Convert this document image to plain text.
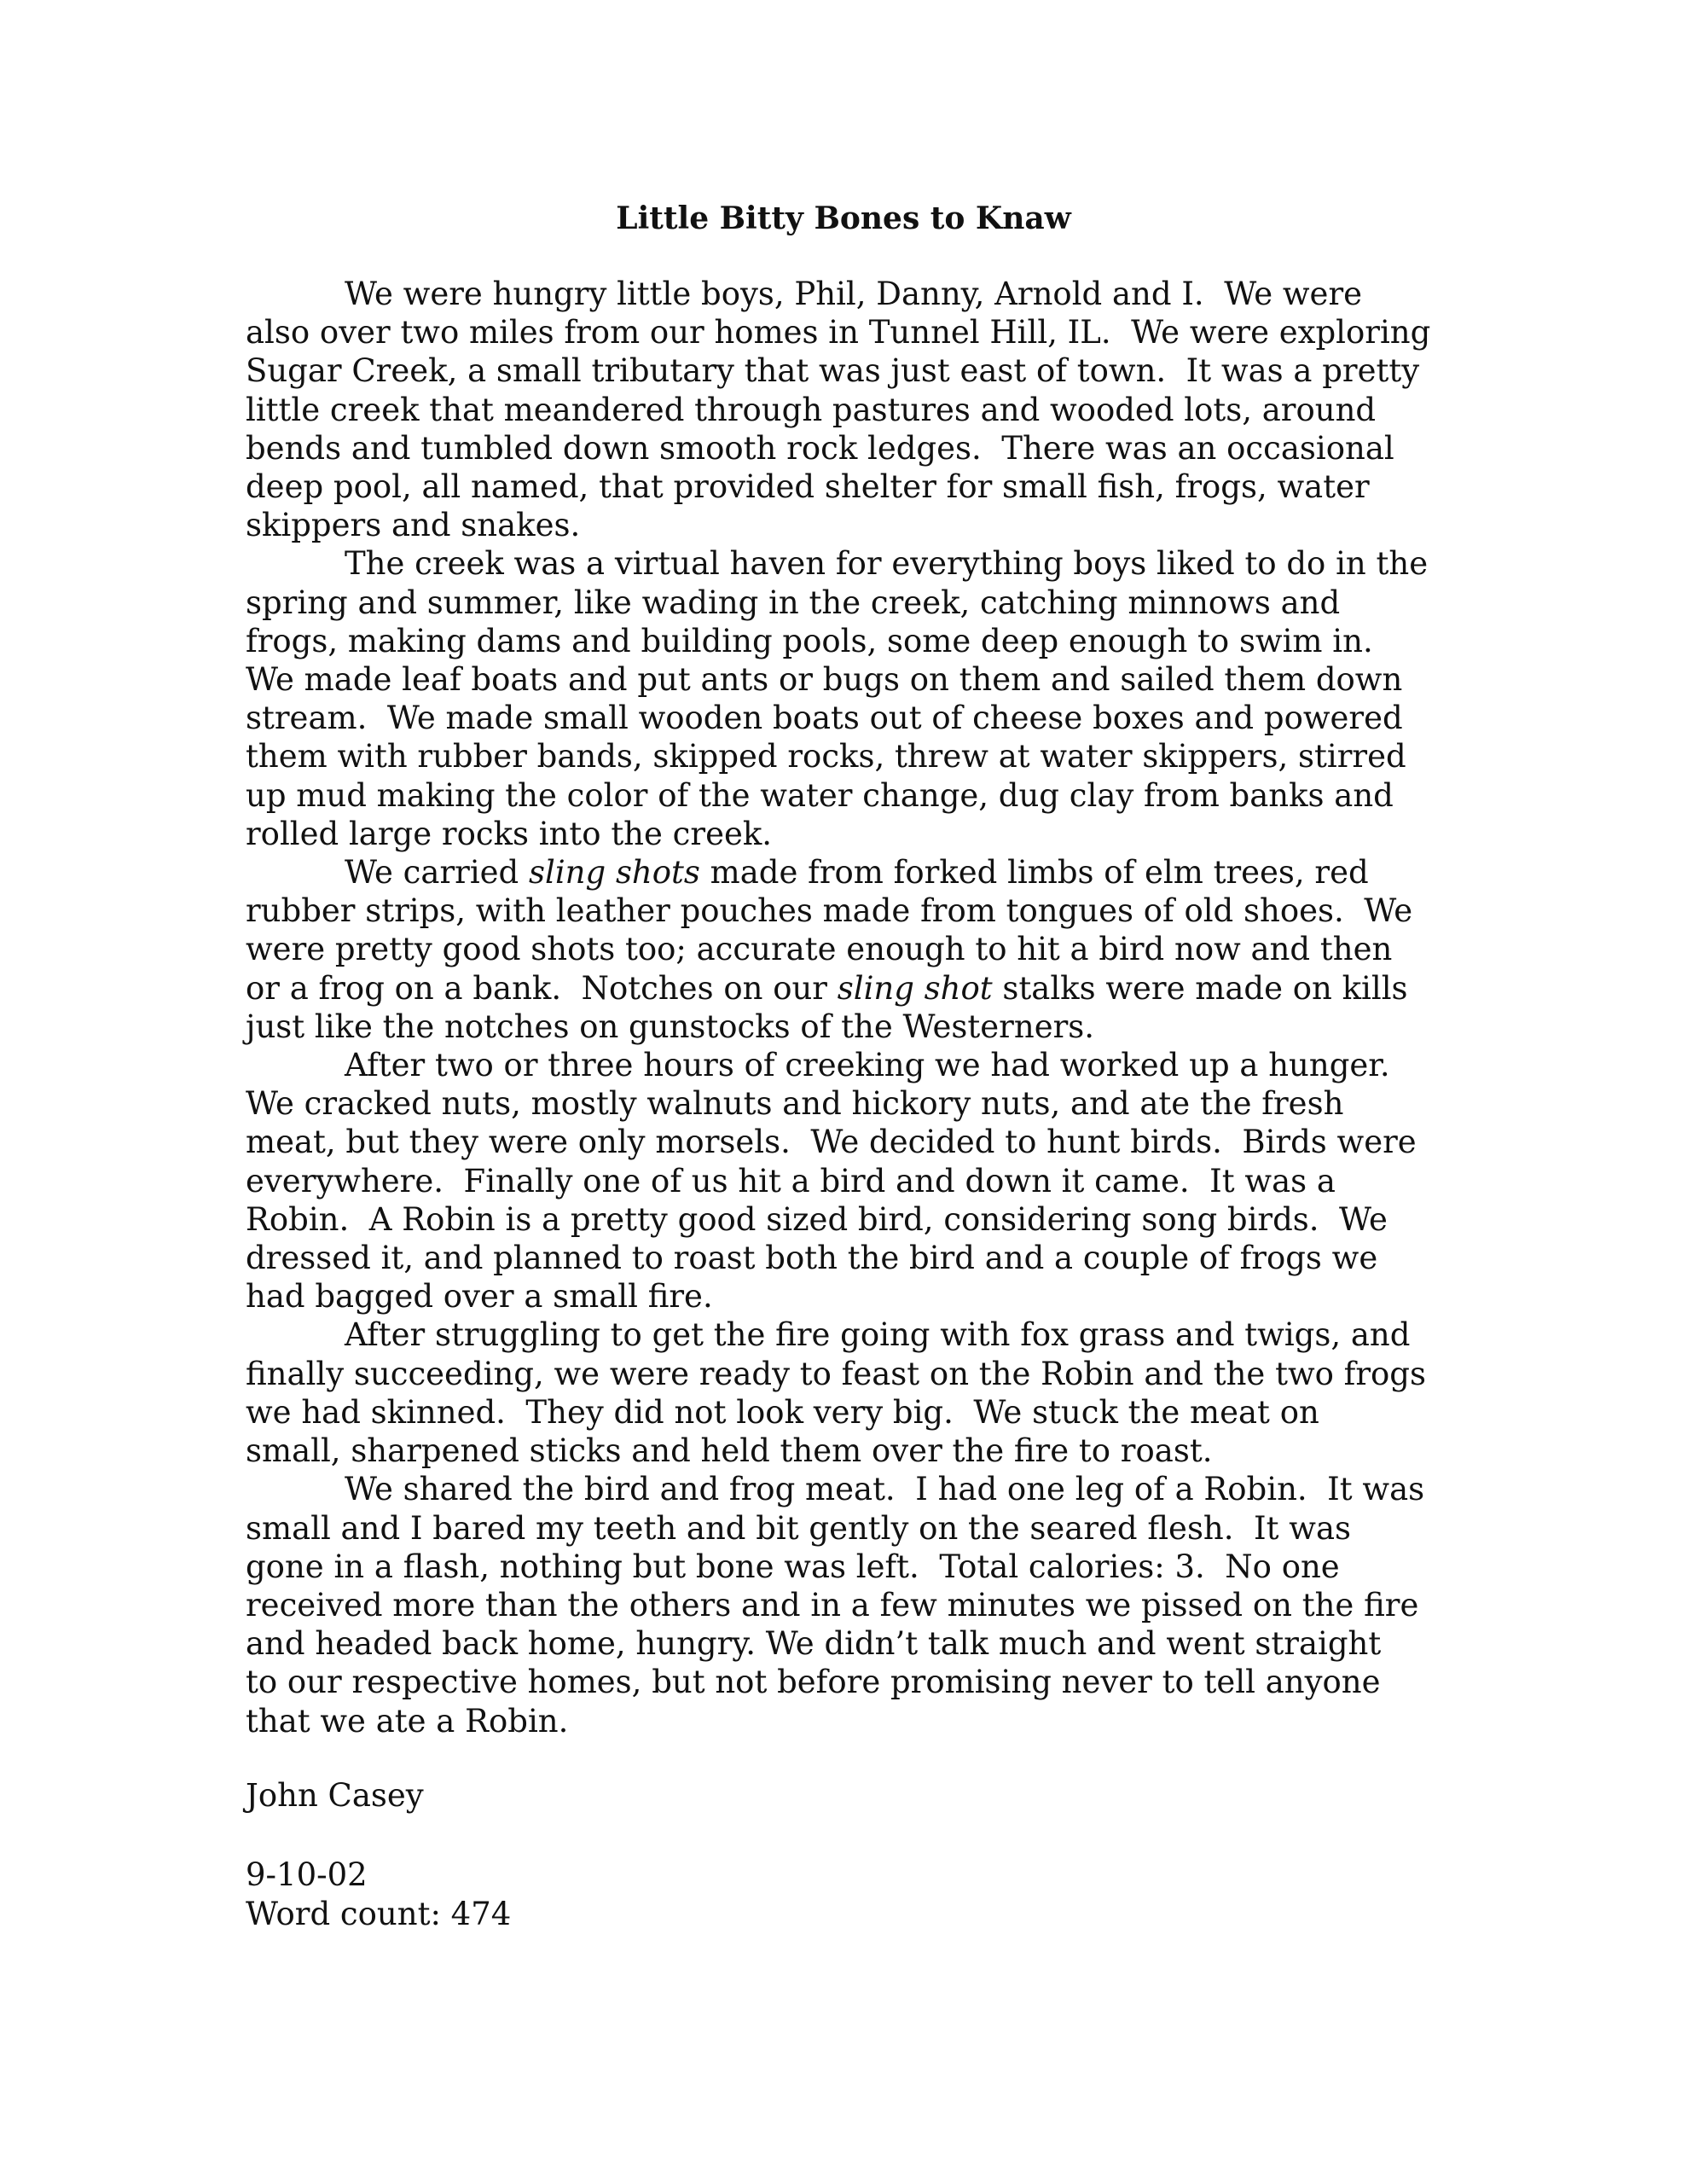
Little Bitty Bones to Knaw

We were hungry little boys, Phil, Danny, Arnold and I.  We were
also over two miles from our homes in Tunnel Hill, IL.  We were exploring
Sugar Creek, a small tributary that was just east of town.  It was a pretty
little creek that meandered through pastures and wooded lots, around
bends and tumbled down smooth rock ledges.  There was an occasional
deep pool, all named, that provided shelter for small fish, frogs, water
skippers and snakes.

The creek was a virtual haven for everything boys liked to do in the
spring and summer, like wading in the creek, catching minnows and
frogs, making dams and building pools, some deep enough to swim in.
We made leaf boats and put ants or bugs on them and sailed them down
stream.  We made small wooden boats out of cheese boxes and powered
them with rubber bands, skipped rocks, threw at water skippers, stirred
up mud making the color of the water change, dug clay from banks and
rolled large rocks into the creek.

We carried sling shots made from forked limbs of elm trees, red
rubber strips, with leather pouches made from tongues of old shoes.  We
were pretty good shots too; accurate enough to hit a bird now and then
or a frog on a bank.  Notches on our sling shot stalks were made on kills
just like the notches on gunstocks of the Westerners.

After two or three hours of creeking we had worked up a hunger.
We cracked nuts, mostly walnuts and hickory nuts, and ate the fresh
meat, but they were only morsels.  We decided to hunt birds.  Birds were
everywhere.  Finally one of us hit a bird and down it came.  It was a
Robin.  A Robin is a pretty good sized bird, considering song birds.  We
dressed it, and planned to roast both the bird and a couple of frogs we
had bagged over a small fire.

After struggling to get the fire going with fox grass and twigs, and
finally succeeding, we were ready to feast on the Robin and the two frogs
we had skinned.  They did not look very big.  We stuck the meat on
small, sharpened sticks and held them over the fire to roast.

We shared the bird and frog meat.  I had one leg of a Robin.  It was
small and I bared my teeth and bit gently on the seared flesh.  It was
gone in a flash, nothing but bone was left.  Total calories: 3.  No one
received more than the others and in a few minutes we pissed on the fire
and headed back home, hungry. We didn’t talk much and went straight
to our respective homes, but not before promising never to tell anyone
that we ate a Robin.

John Casey

9-10-02

Word count: 474
